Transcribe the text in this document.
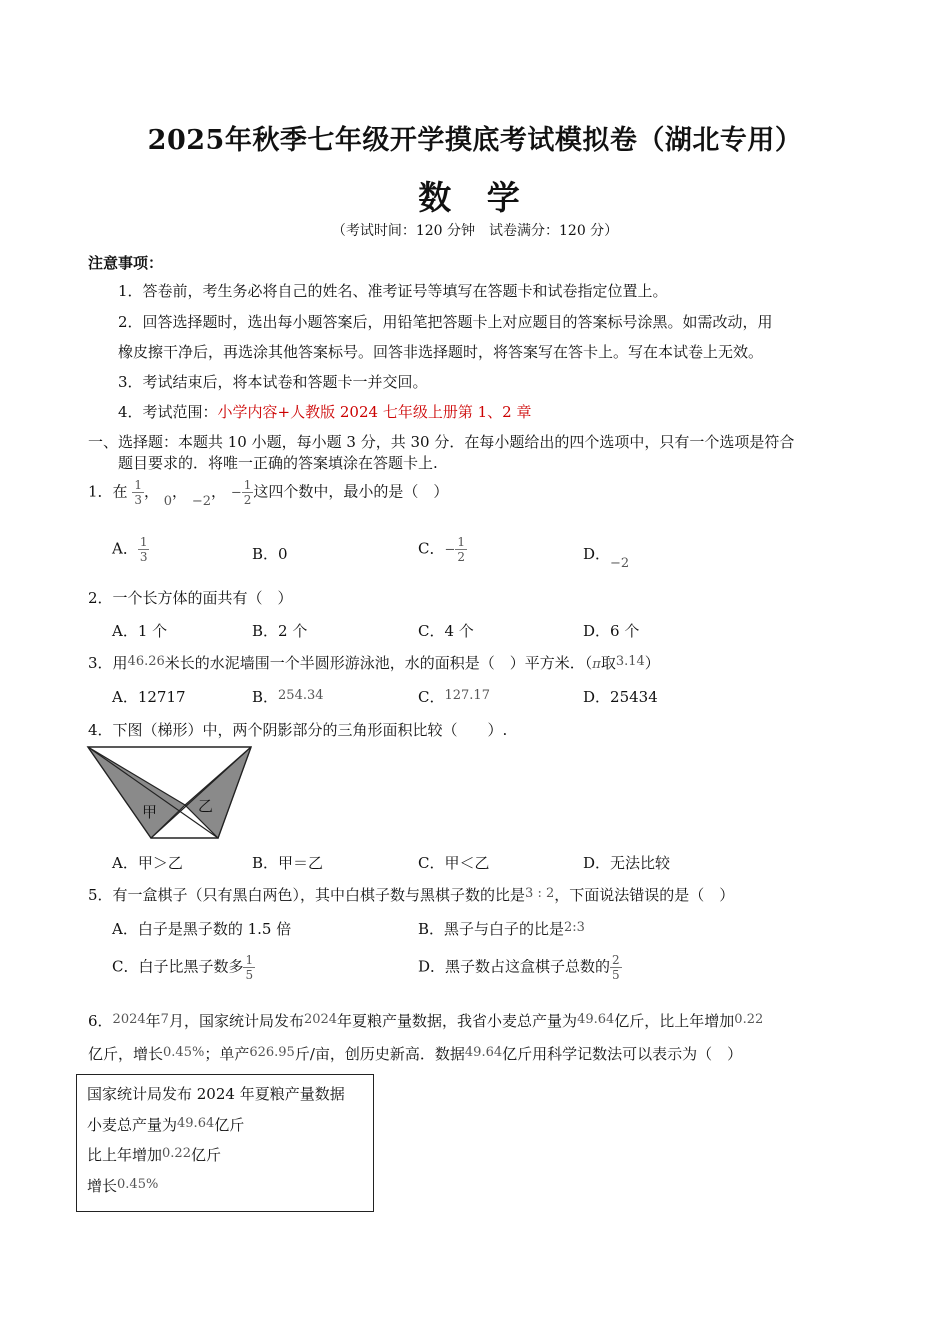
2025年秋季七年级开学摸底考试模拟卷（湖北专用）
数 学
（考试时间：120 分钟　试卷满分：120 分）
注意事项：
1．答卷前，考生务必将自己的姓名、准考证号等填写在答题卡和试卷指定位置上。
2．回答选择题时，选出每小题答案后，用铅笔把答题卡上对应题目的答案标号涂黑。如需改动，用
橡皮擦干净后，再选涂其他答案标号。回答非选择题时，将答案写在答卡上。写在本试卷上无效。
3．考试结束后，将本试卷和答题卡一并交回。
4．考试范围：小学内容+人教版 2024 七年级上册第 1、2 章
一、选择题：本题共 10 小题，每小题 3 分，共 30 分．在每小题给出的四个选项中，只有一个选项是符合
题目要求的．将唯一正确的答案填涂在答题卡上.
1．在 $\frac{1}{3}$ ， 0， −2， − $\frac{1}{2}$ 这四个数中，最小的是（　）
A． $\frac{1}{3}$	B．0	C．− $\frac{1}{2}$	D．−2
2．一个长方体的面共有（　）
A．1 个	B．2 个	C．4 个	D．6 个
3．用46.26米长的水泥墙围一个半圆形游泳池，水的面积是（　）平方米．（π取3.14）
A．12717	B．254.34	C．127.17	D．25434
4．下图（梯形）中，两个阴影部分的三角形面积比较（　　）.
甲	乙
A．甲＞乙	B．甲＝乙	C．甲＜乙	D．无法比较
5．有一盒棋子（只有黑白两色），其中白棋子数与黑棋子数的比是3 : 2，下面说法错误的是（　）
A．白子是黑子数的 1.5 倍	B．黑子与白子的比是2:3
C．白子比黑子数多 $\frac{1}{5}$	D．黑子数占这盒棋子总数的 $\frac{2}{5}$
6．2024年7月，国家统计局发布2024年夏粮产量数据，我省小麦总产量为49.64亿斤，比上年增加0.22
亿斤，增长0.45%；单产626.95斤/亩，创历史新高．数据49.64亿斤用科学记数法可以表示为（　）
国家统计局发布 2024 年夏粮产量数据
小麦总产量为49.64亿斤
比上年增加0.22亿斤
增长0.45%
